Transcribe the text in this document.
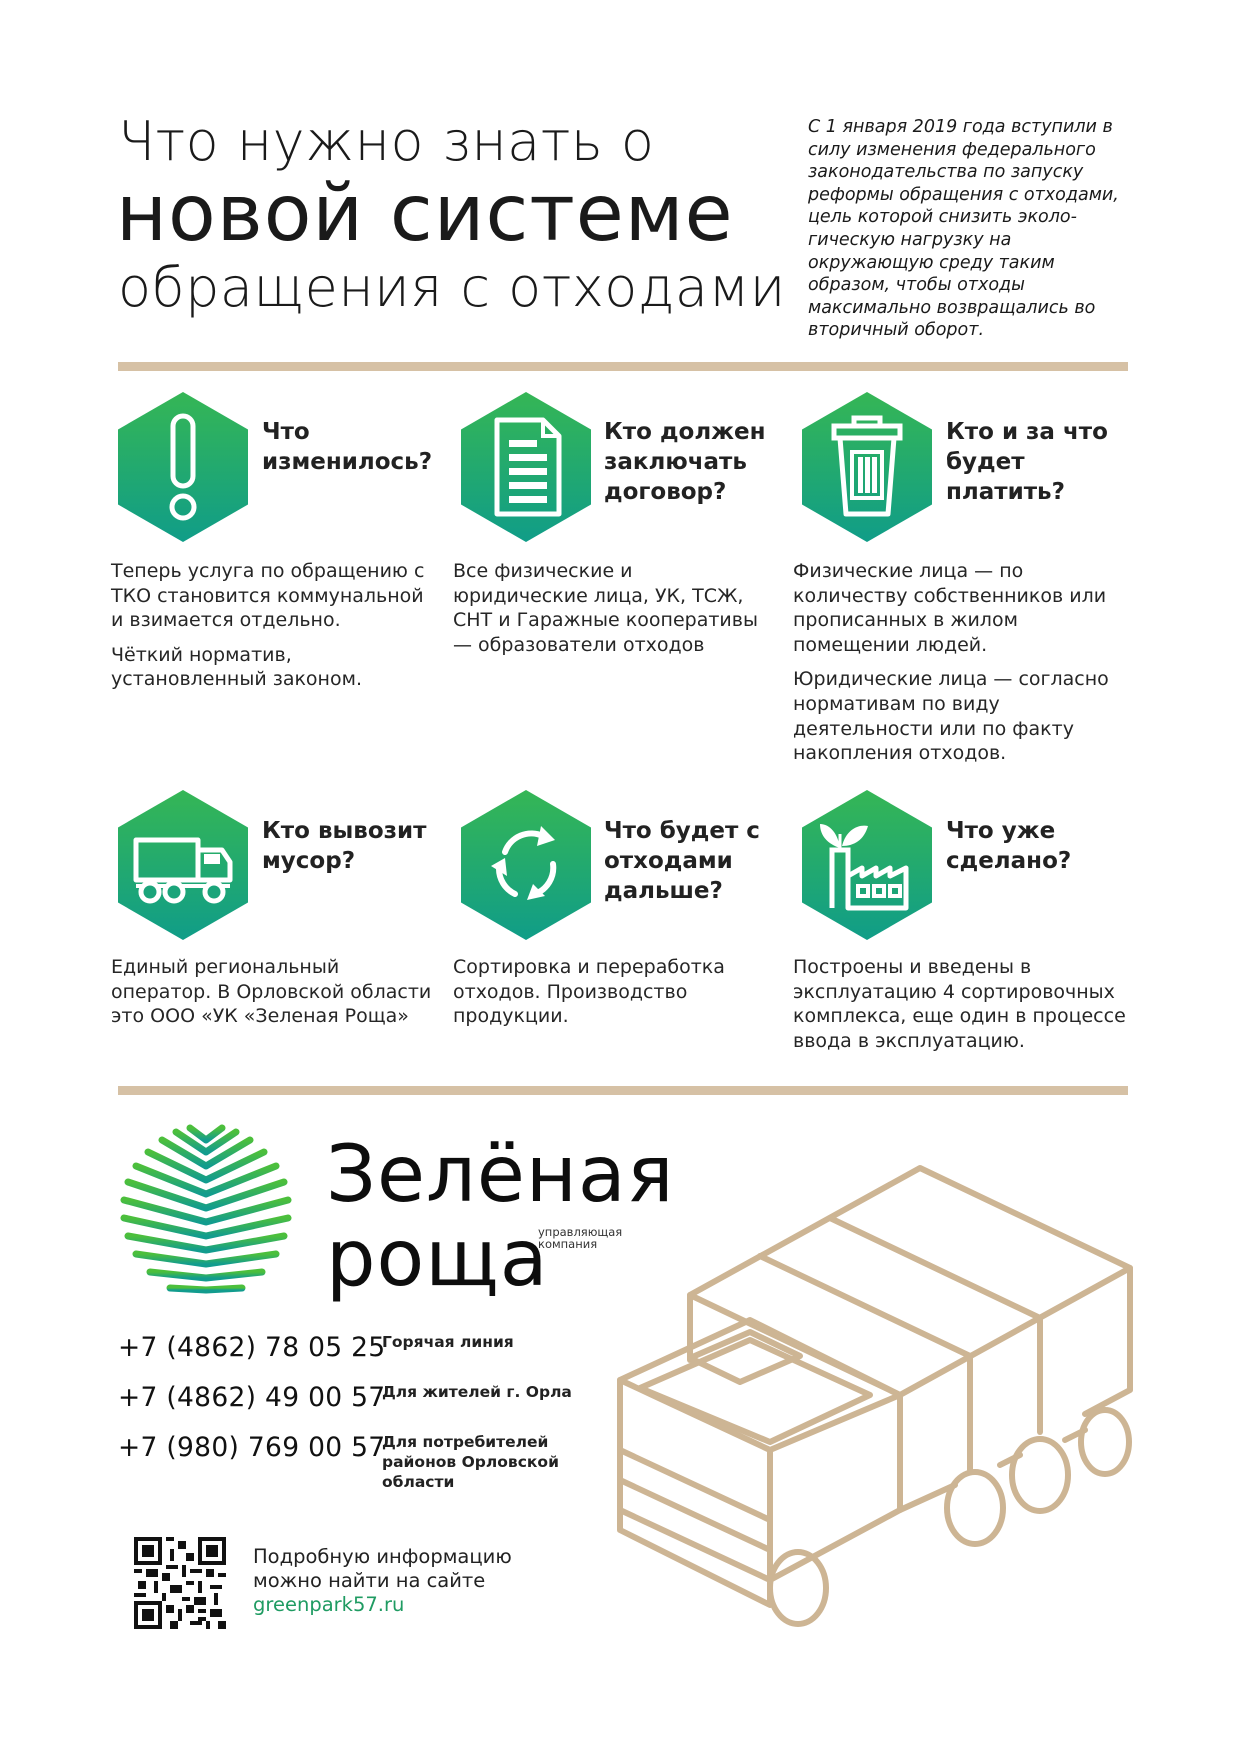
Что нужно знать о
новой системе
обращения с отходами
С 1 января 2019 года вступили в силу изменения федерального законодательства по запуску реформы обращения с отходами, цель которой снизить эколо-гическую нагрузку на окружающую среду таким образом, чтобы отходы максимально возвращались во вторичный оборот.
Что изменилось?

Теперь услуга по обращению с ТКО становится коммунальной и взимается отдельно.

Чёткий норматив, установленный законом.

Кто должен заключать договор?

Все физические и юридические лица, УК, ТСЖ, СНТ и Гаражные кооперативы — образователи отходов

Кто и за что будет платить?

Физические лица — по количеству собственников или прописанных в жилом помещении людей.

Юридические лица — согласно нормативам по виду деятельности или по факту накопления отходов.

Кто вывозит мусор?

Единый региональный оператор. В Орловской области это ООО «УК «Зеленая Роща»

Что будет с отходами дальше?

Сортировка и переработка отходов. Производство продукции.

Что уже сделано?

Построены и введены в эксплуатацию 4 сортировочных комплекса, еще один в процессе ввода в эксплуатацию.

Зелёная
роща
управляющая
компания
+7 (4862) 78 05 25
Горячая линия
+7 (4862) 49 00 57
Для жителей г. Орла
+7 (980) 769 00 57
Для потребителей районов Орловской области
Подробную информацию можно найти на сайте
greenpark57.ru
